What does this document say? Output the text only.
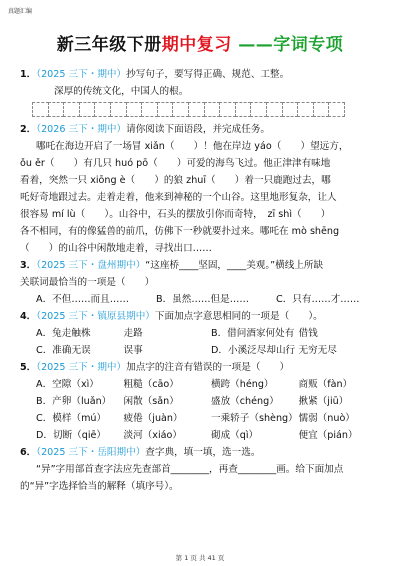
真题汇编
新三年级下册期中复习 ——字词专项
1．（2025 三下・期中）抄写句子，要写得正确、规范、工整。
深厚的传统文化，中国人的根。
2．（2026 三下・期中）请你阅读下面语段，并完成任务。
哪吒在海边开启了一场冒 xiǎn（　　）！他在岸边 yáo（　　）望远方，
ǒu ěr（　　）有几只 huó pō（　　）可爱的海鸟飞过。他正津津有味地
看着，突然一只 xiōng è（　　）的狼 zhuī（　　）着一只鹿跑过去，哪
吒好奇地跟过去。走着走着，他来到神秘的一个山谷。这里地形复杂，让人
很容易 mí lù（　　）。山谷中，石头的摆放引你而奇特，　zī shì（　　）
各不相同，有的像猛兽的前爪，仿佛下一秒就要扑过来。哪吒在 mò shēng
（　　）的山谷中闲散地走着，寻找出口……
3．（2025 三下・盘州期中）“这座桥____坚固，____美观。”横线上所缺
关联词最恰当的一项是（　　）
A．不但……而且……	B．虽然……但是……	C．只有……才……
4．（2025 三下・镇原县期中）下面加点字意思相同的一项是（　　）。
A．兔走触株	走路	B．借问酒家何处有 借钱
C．准确无误	误事	D．小溪泛尽却山行 无穷无尽
5．（2025 三下・期中）加点字的注音有错误的一项是（　　）
A．空隙（xì）	粗糙（cāo）	横跨（héng）	商贩（fàn）
B．产卵（luǎn）	闲散（sǎn）	盛放（chéng）	揪紧（jiū）
C．模样（mú）	疲倦（juàn）	一乘轿子（shèng） 懦弱（nuò）
D．切断（qiē）	淡河（xiáo）	砌成（qì）	便宜（pián）
6．（2025 三下・岳阳期中）查字典，填一填，选一选。
“异”字用部首查字法应先查部首________，再查________画。给下面加点
的“异”字选择恰当的解释（填序号）。
第 1 页 共 41 页
